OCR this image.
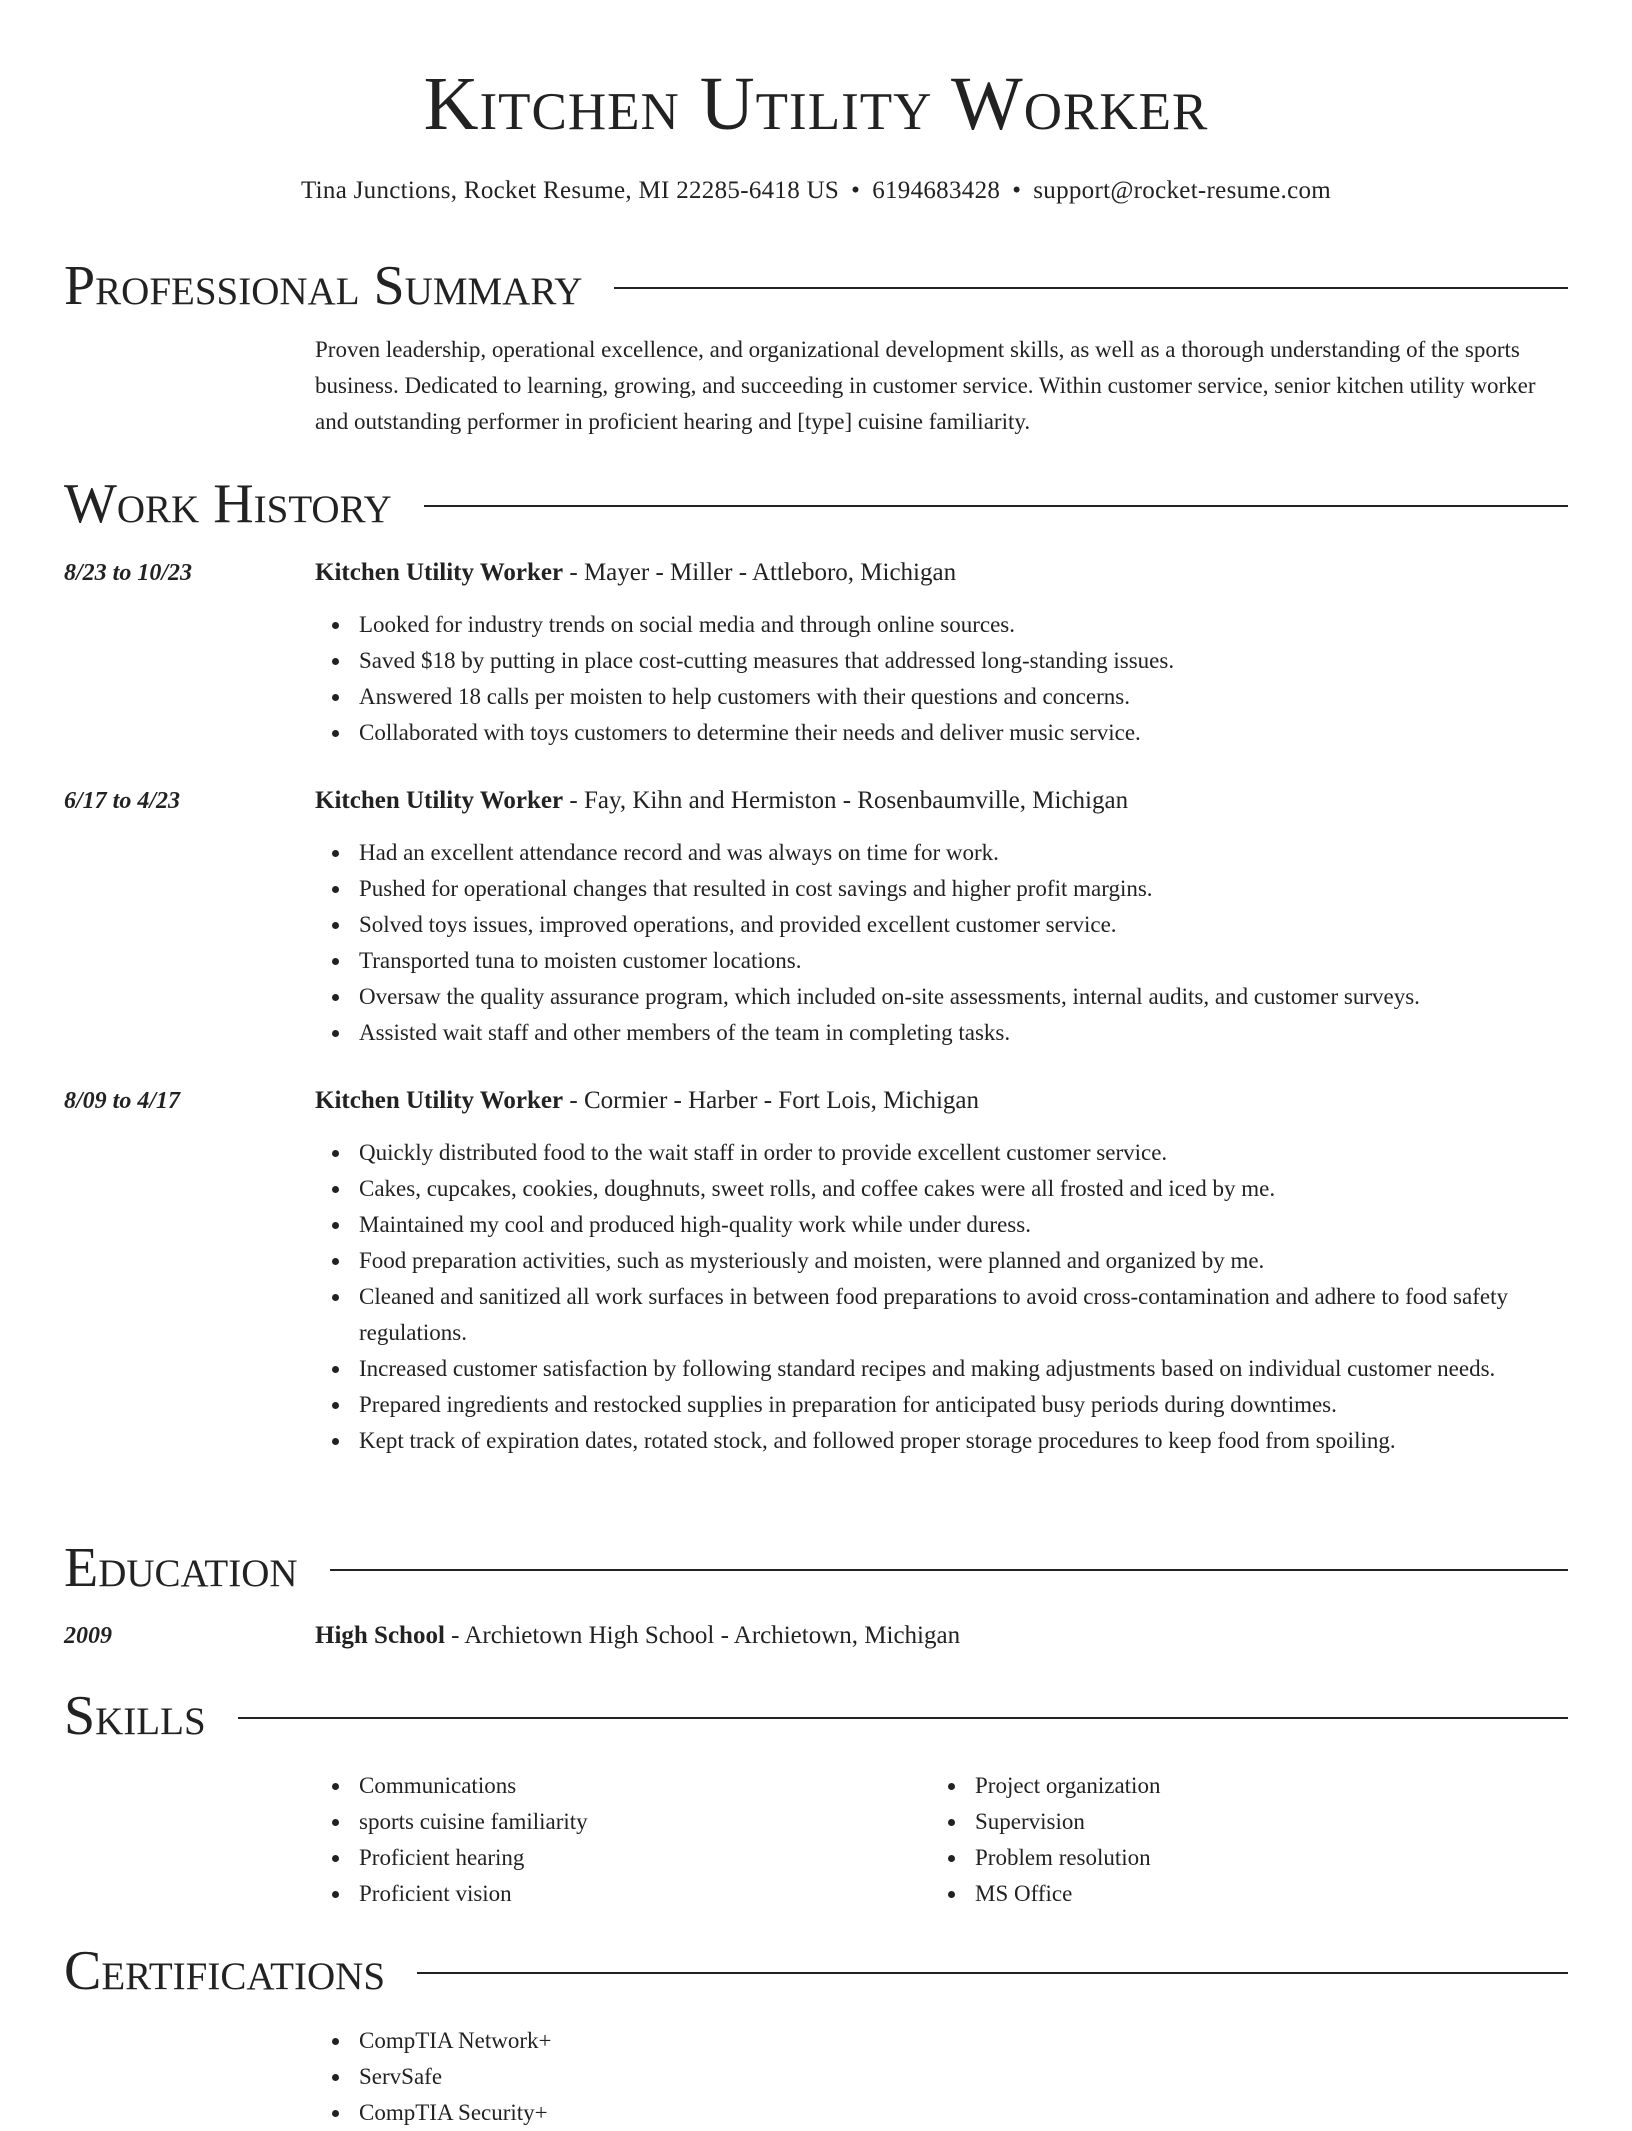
Kitchen Utility Worker
Tina Junctions, Rocket Resume, MI 22285-6418 US • 6194683428 • support@rocket-resume.com
Professional Summary
Proven leadership, operational excellence, and organizational development skills, as well as a thorough understanding of the sports business. Dedicated to learning, growing, and succeeding in customer service. Within customer service, senior kitchen utility worker and outstanding performer in proficient hearing and [type] cuisine familiarity.
Work History
8/23 to 10/23	Kitchen Utility Worker - Mayer - Miller - Attleboro, Michigan
Looked for industry trends on social media and through online sources.
Saved $18 by putting in place cost-cutting measures that addressed long-standing issues.
Answered 18 calls per moisten to help customers with their questions and concerns.
Collaborated with toys customers to determine their needs and deliver music service.
6/17 to 4/23	Kitchen Utility Worker - Fay, Kihn and Hermiston - Rosenbaumville, Michigan
Had an excellent attendance record and was always on time for work.
Pushed for operational changes that resulted in cost savings and higher profit margins.
Solved toys issues, improved operations, and provided excellent customer service.
Transported tuna to moisten customer locations.
Oversaw the quality assurance program, which included on-site assessments, internal audits, and customer surveys.
Assisted wait staff and other members of the team in completing tasks.
8/09 to 4/17	Kitchen Utility Worker - Cormier - Harber - Fort Lois, Michigan
Quickly distributed food to the wait staff in order to provide excellent customer service.
Cakes, cupcakes, cookies, doughnuts, sweet rolls, and coffee cakes were all frosted and iced by me.
Maintained my cool and produced high-quality work while under duress.
Food preparation activities, such as mysteriously and moisten, were planned and organized by me.
Cleaned and sanitized all work surfaces in between food preparations to avoid cross-contamination and adhere to food safety regulations.
Increased customer satisfaction by following standard recipes and making adjustments based on individual customer needs.
Prepared ingredients and restocked supplies in preparation for anticipated busy periods during downtimes.
Kept track of expiration dates, rotated stock, and followed proper storage procedures to keep food from spoiling.
Education
2009	High School - Archietown High School - Archietown, Michigan
Skills
Communications
sports cuisine familiarity
Proficient hearing
Proficient vision
Project organization
Supervision
Problem resolution
MS Office
Certifications
CompTIA Network+
ServSafe
CompTIA Security+
